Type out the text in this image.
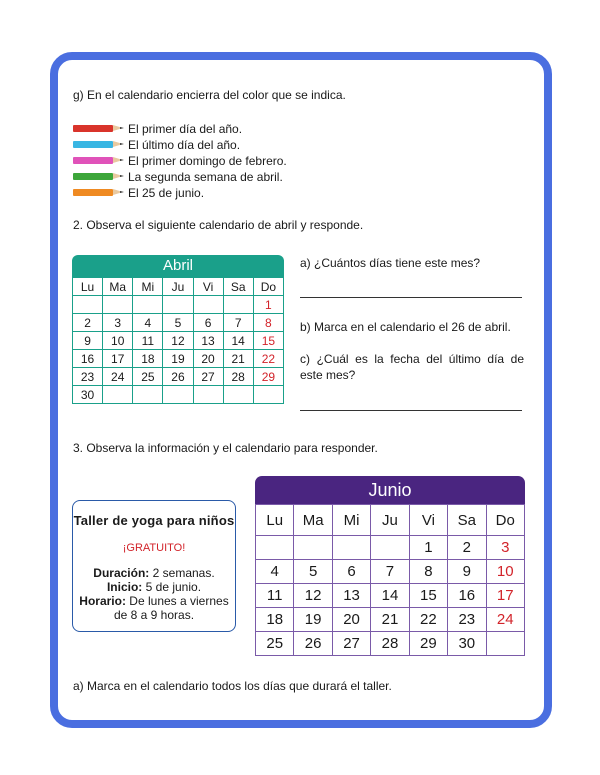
g) En el calendario encierra del color que se indica.
El primer día del año.
El último día del año.
El primer domingo de febrero.
La segunda semana de abril.
El 25 de junio.
2. Observa el siguiente calendario de abril y responde.
Abril
Lu	Ma	Mi	Ju	Vi	Sa	Do
						1
2	3	4	5	6	7	8
9	10	11	12	13	14	15
16	17	18	19	20	21	22
23	24	25	26	27	28	29
30						
a) ¿Cuántos días tiene este mes?
b) Marca en el calendario el 26 de abril.
c) ¿Cuál es la fecha del último día de
este mes?
3. Observa la información y el calendario para responder.
Taller de yoga para niños
¡GRATUITO!
Duración: 2 semanas.
Inicio: 5 de junio.
Horario: De lunes a viernes
de 8 a 9 horas.
Junio
Lu	Ma	Mi	Ju	Vi	Sa	Do
				1	2	3
4	5	6	7	8	9	10
11	12	13	14	15	16	17
18	19	20	21	22	23	24
25	26	27	28	29	30	
a) Marca en el calendario todos los días que durará el taller.
